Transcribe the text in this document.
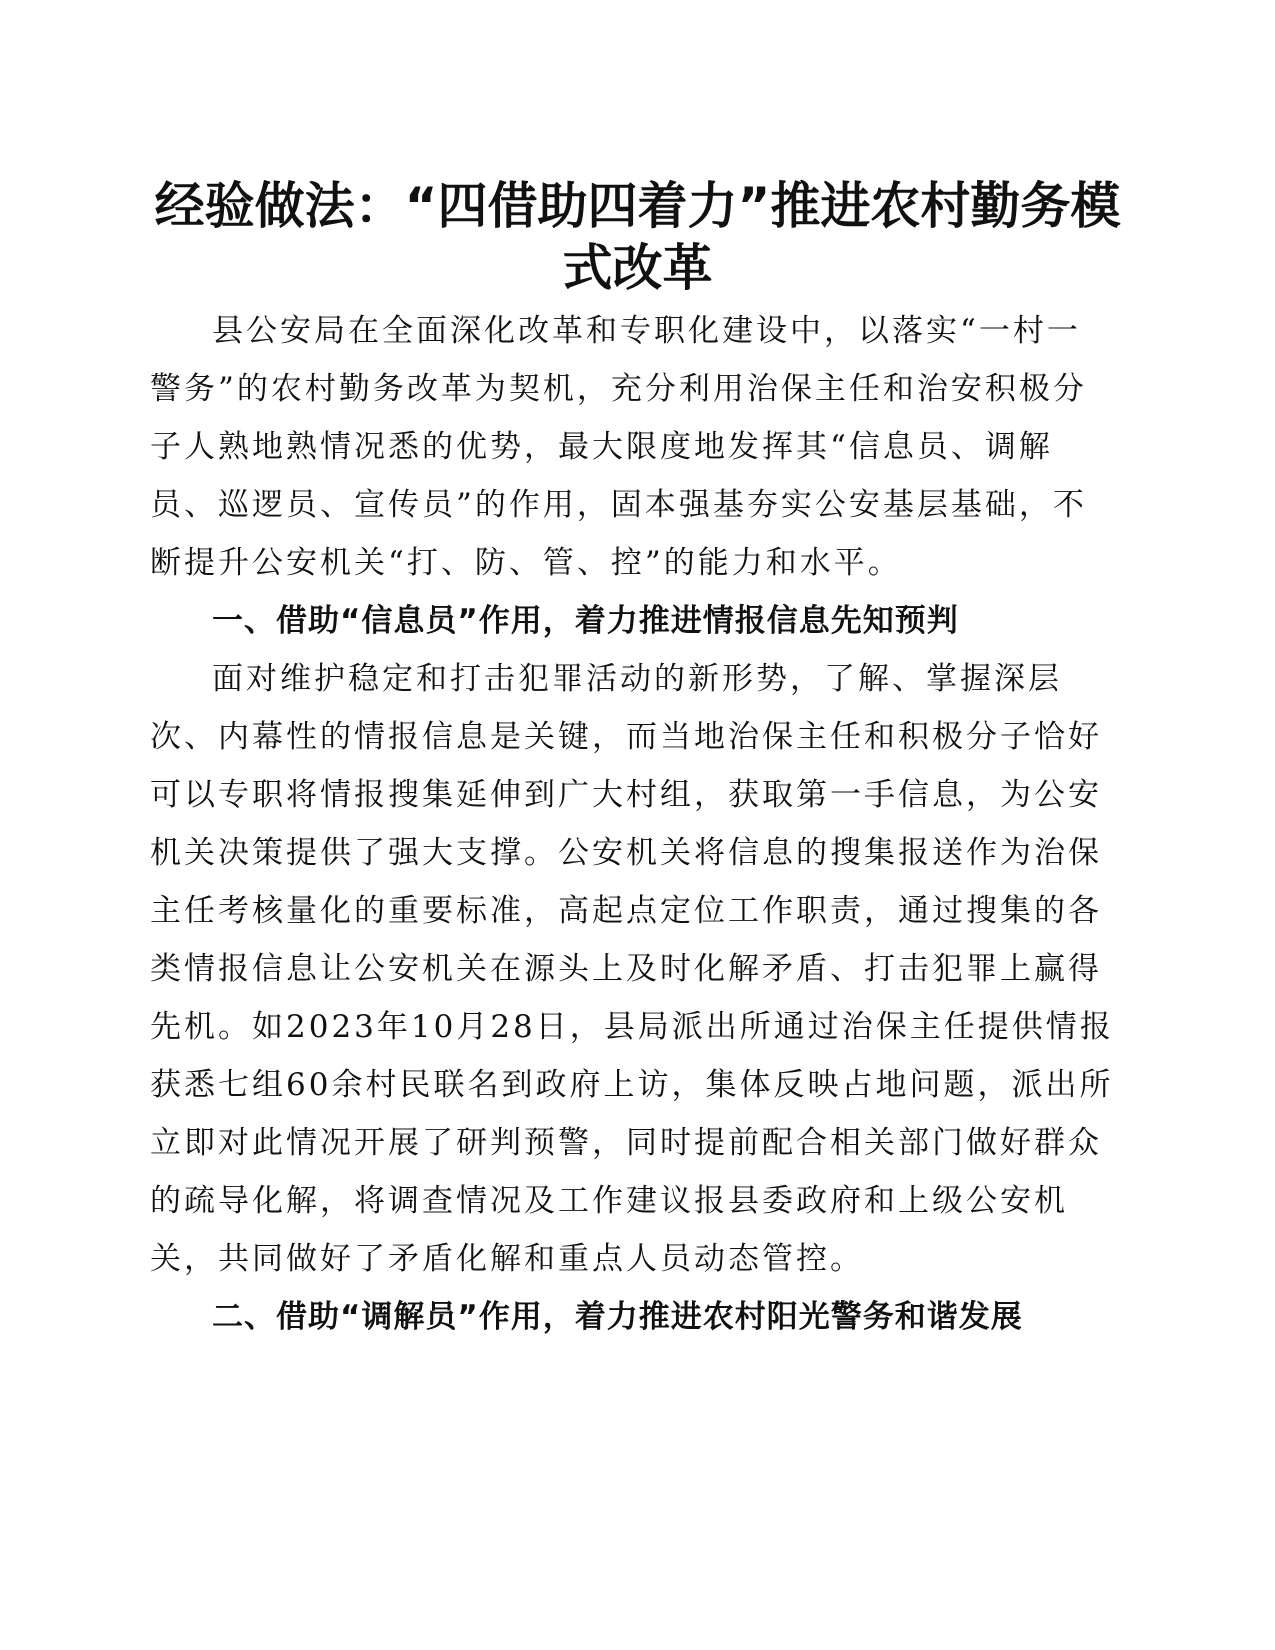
经验做法：“四借助四着力”推进农村勤务模
式改革

县公安局在全面深化改革和专职化建设中，以落实“一村一

警务”的农村勤务改革为契机，充分利用治保主任和治安积极分

子人熟地熟情况悉的优势，最大限度地发挥其“信息员、调解

员、巡逻员、宣传员”的作用，固本强基夯实公安基层基础，不

断提升公安机关“打、防、管、控”的能力和水平。

一、借助“信息员”作用，着力推进情报信息先知预判

面对维护稳定和打击犯罪活动的新形势，了解、掌握深层

次、内幕性的情报信息是关键，而当地治保主任和积极分子恰好

可以专职将情报搜集延伸到广大村组，获取第一手信息，为公安

机关决策提供了强大支撑。公安机关将信息的搜集报送作为治保

主任考核量化的重要标准，高起点定位工作职责，通过搜集的各

类情报信息让公安机关在源头上及时化解矛盾、打击犯罪上赢得

先机。如2023年10月28日，县局派出所通过治保主任提供情报

获悉七组60余村民联名到政府上访，集体反映占地问题，派出所

立即对此情况开展了研判预警，同时提前配合相关部门做好群众

的疏导化解，将调查情况及工作建议报县委政府和上级公安机

关，共同做好了矛盾化解和重点人员动态管控。

二、借助“调解员”作用，着力推进农村阳光警务和谐发展
